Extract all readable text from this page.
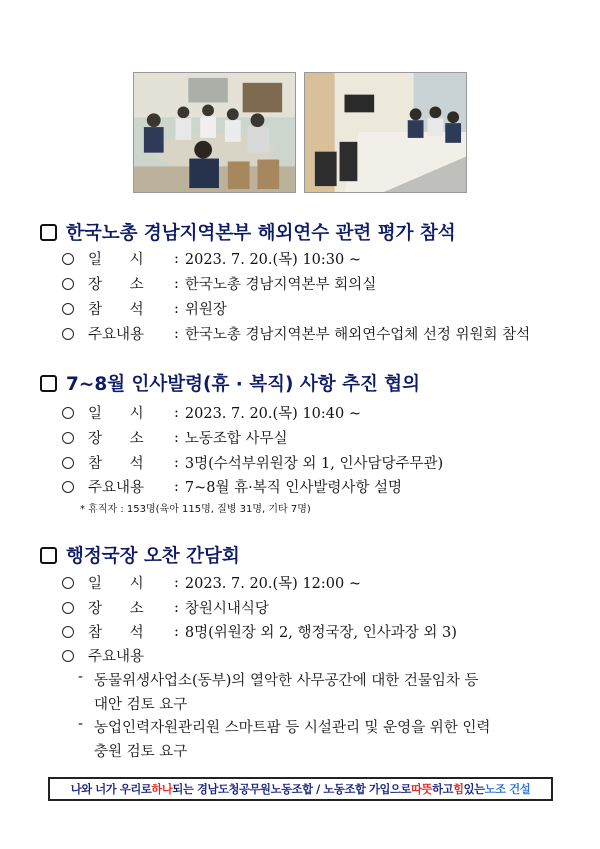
한국노총 경남지역본부 해외연수 관련 평가 참석
일      시	: 2023. 7. 20.(목) 10:30 ~
장      소	: 한국노총 경남지역본부 회의실
참      석	: 위원장
주요내용	: 한국노총 경남지역본부 해외연수업체 선정 위원회 참석
7~8월 인사발령(휴 · 복직) 사항 추진 협의
일      시	: 2023. 7. 20.(목) 10:40 ~
장      소	: 노동조합 사무실
참      석	: 3명(수석부위원장 외 1, 인사담당주무관)
주요내용	: 7~8월 휴·복직 인사발령사항 설명
* 휴직자 : 153명(육아 115명, 질병 31명, 기타 7명)
행정국장 오찬 간담회
일      시	: 2023. 7. 20.(목) 12:00 ~
장      소	: 창원시내식당
참      석	: 8명(위원장 외 2, 행정국장, 인사과장 외 3)
주요내용
- 동물위생사업소(동부)의 열악한 사무공간에 대한 건물임차 등
대안 검토 요구
- 농업인력자원관리원 스마트팜 등 시설관리 및 운영을 위한 인력
충원 검토 요구
나와 너가 우리로 하나 되는 경남도청공무원노동조합 / 노동조합 가입으로 따뜻 하고 힘 있는 노조 건설
